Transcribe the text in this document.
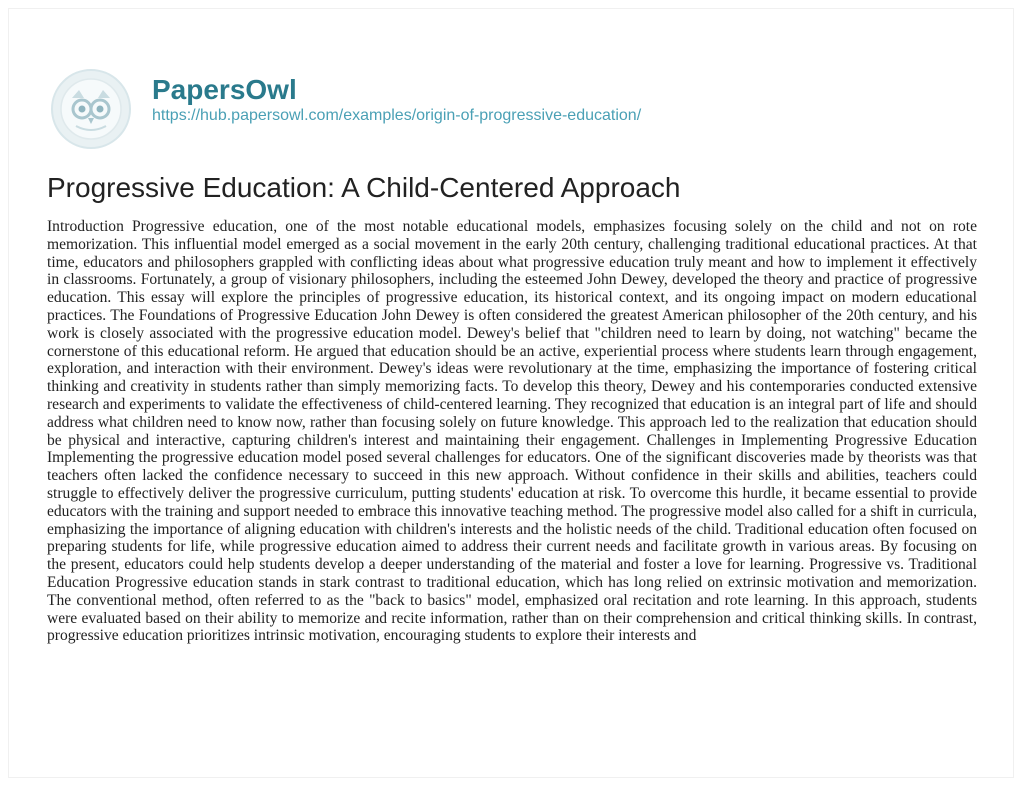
PapersOwl
https://hub.papersowl.com/examples/origin-of-progressive-education/
Progressive Education: A Child-Centered Approach

Introduction Progressive education, one of the most notable educational models, emphasizes focusing solely on the child and not on rote memorization. This influential model emerged as a social movement in the early 20th century, challenging traditional educational practices. At that time, educators and philosophers grappled with conflicting ideas about what progressive education truly meant and how to implement it effectively in classrooms. Fortunately, a group of visionary philosophers, including the esteemed John Dewey, developed the theory and practice of progressive education. This essay will explore the principles of progressive education, its historical context, and its ongoing impact on modern educational practices. The Foundations of Progressive Education John Dewey is often considered the greatest American philosopher of the 20th century, and his work is closely associated with the progressive education model. Dewey's belief that "children need to learn by doing, not watching" became the cornerstone of this educational reform. He argued that education should be an active, experiential process where students learn through engagement, exploration, and interaction with their environment. Dewey's ideas were revolutionary at the time, emphasizing the importance of fostering critical thinking and creativity in students rather than simply memorizing facts. To develop this theory, Dewey and his contemporaries conducted extensive research and experiments to validate the effectiveness of child-centered learning. They recognized that education is an integral part of life and should address what children need to know now, rather than focusing solely on future knowledge. This approach led to the realization that education should be physical and interactive, capturing children's interest and maintaining their engagement. Challenges in Implementing Progressive Education Implementing the progressive education model posed several challenges for educators. One of the significant discoveries made by theorists was that teachers often lacked the confidence necessary to succeed in this new approach. Without confidence in their skills and abilities, teachers could struggle to effectively deliver the progressive curriculum, putting students' education at risk. To overcome this hurdle, it became essential to provide educators with the training and support needed to embrace this innovative teaching method. The progressive model also called for a shift in curricula, emphasizing the importance of aligning education with children's interests and the holistic needs of the child. Traditional education often focused on preparing students for life, while progressive education aimed to address their current needs and facilitate growth in various areas. By focusing on the present, educators could help students develop a deeper understanding of the material and foster a love for learning. Progressive vs. Traditional Education Progressive education stands in stark contrast to traditional education, which has long relied on extrinsic motivation and memorization. The conventional method, often referred to as the "back to basics" model, emphasized oral recitation and rote learning. In this approach, students were evaluated based on their ability to memorize and recite information, rather than on their comprehension and critical thinking skills. In contrast, progressive education prioritizes intrinsic motivation, encouraging students to explore their interests and
